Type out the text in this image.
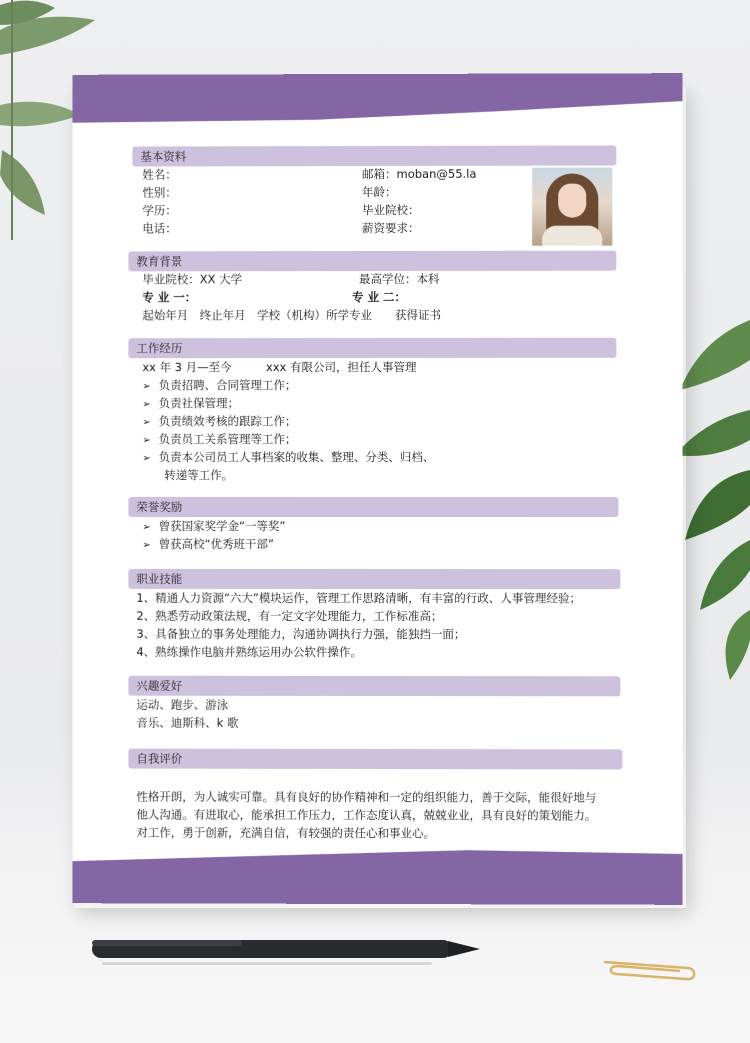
基本资料
姓名：
性别：
学历：
电话：
邮箱：moban@55.la
年龄：
毕业院校：
薪资要求：
教育背景
毕业院校：XX 大学	最高学位：本科
专 业 一：	专 业 二：
起始年月　终止年月　学校（机构）所学专业　　获得证书
工作经历
xx 年 3 月—至今　　　xxx 有限公司，担任人事管理
➢ 负责招聘、合同管理工作；
➢ 负责社保管理；
➢ 负责绩效考核的跟踪工作；
➢ 负责员工关系管理等工作；
➢ 负责本公司员工人事档案的收集、整理、分类、归档、
转递等工作。
荣誉奖励
➢ 曾获国家奖学金“一等奖”
➢ 曾获高校“优秀班干部”
职业技能
1、精通人力资源“六大”模块运作，管理工作思路清晰，有丰富的行政、人事管理经验；
2、熟悉劳动政策法规，有一定文字处理能力，工作标准高；
3、具备独立的事务处理能力，沟通协调执行力强，能独挡一面；
4、熟练操作电脑并熟练运用办公软件操作。
兴趣爱好
运动、跑步、游泳
音乐、迪斯科、k 歌
自我评价
性格开朗，为人诚实可靠。具有良好的协作精神和一定的组织能力，善于交际，能很好地与
他人沟通。有进取心，能承担工作压力，工作态度认真，兢兢业业，具有良好的策划能力。
对工作，勇于创新，充满自信，有较强的责任心和事业心。
